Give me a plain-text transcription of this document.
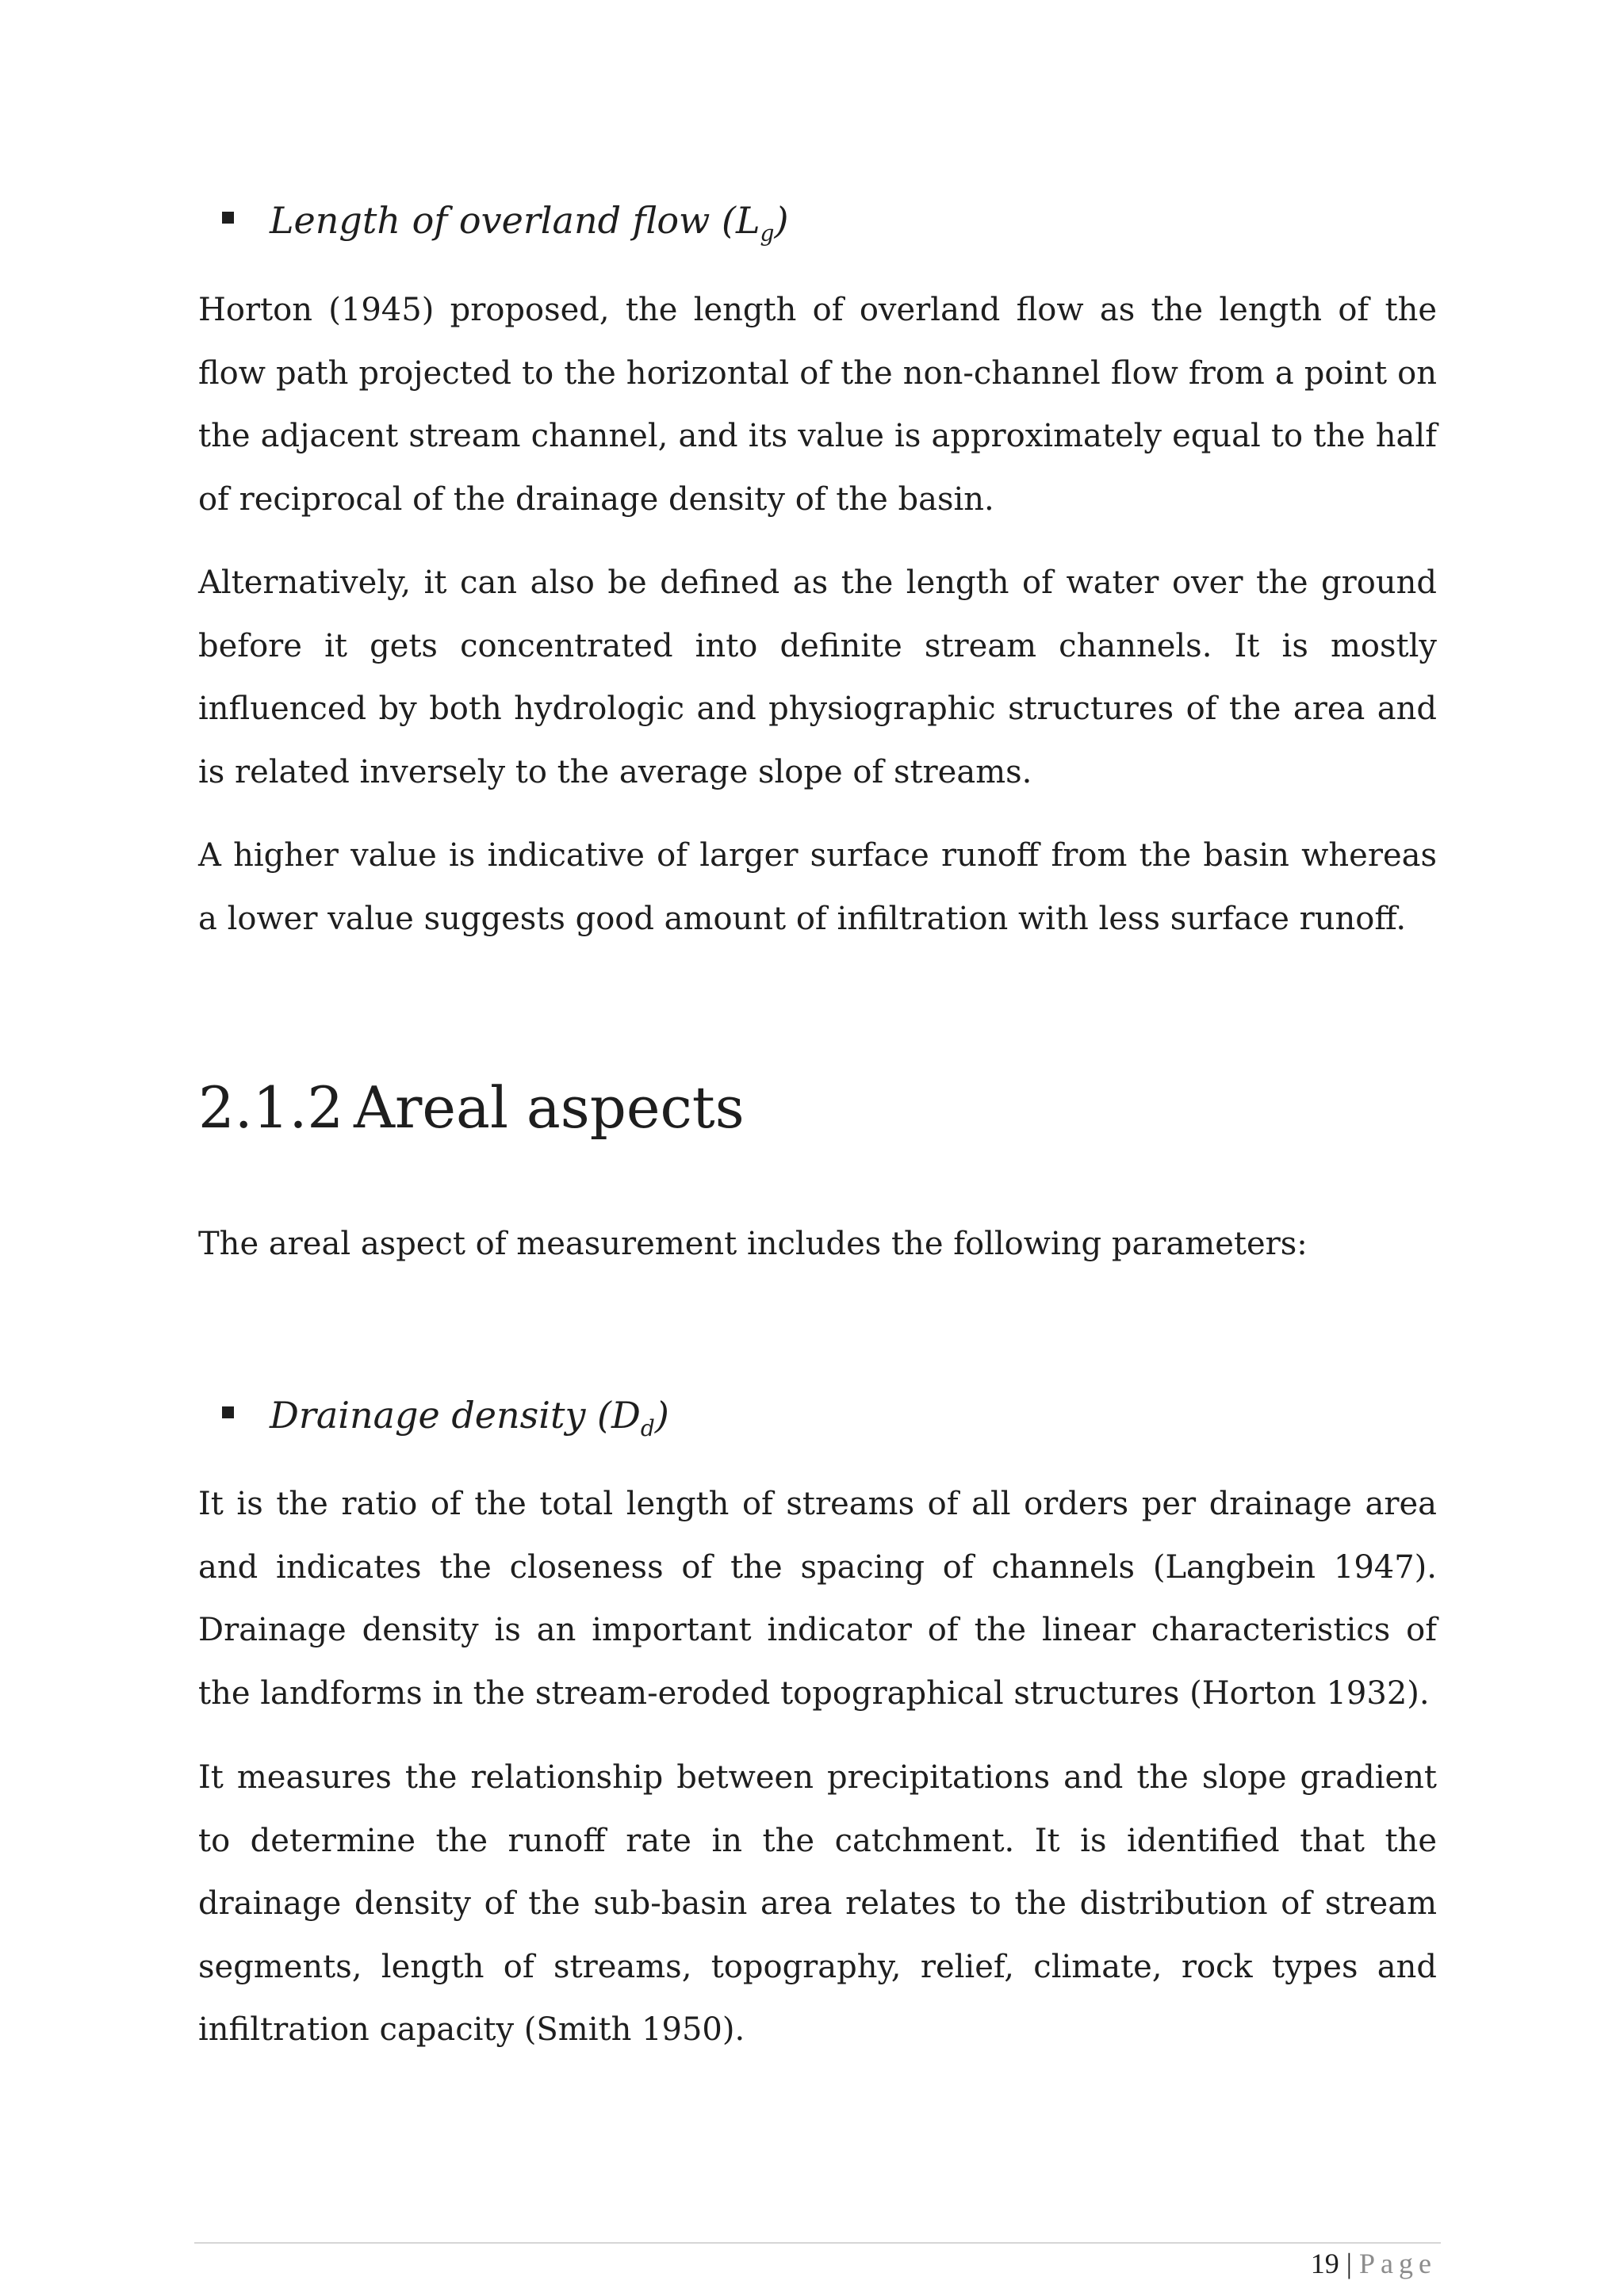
Length of overland flow $(L_g)$

Horton (1945) proposed, the length of overland flow as the length of the flow path projected to the horizontal of the non-channel flow from a point on the adjacent stream channel, and its value is approximately equal to the half of reciprocal of the drainage density of the basin.

Alternatively, it can also be defined as the length of water over the ground before it gets concentrated into definite stream channels. It is mostly influenced by both hydrologic and physiographic structures of the area and is related inversely to the average slope of streams.

A higher value is indicative of larger surface runoff from the basin whereas a lower value suggests good amount of infiltration with less surface runoff.

2.1.2 Areal aspects

The areal aspect of measurement includes the following parameters:

Drainage density $(D_d)$

It is the ratio of the total length of streams of all orders per drainage area and indicates the closeness of the spacing of channels (Langbein 1947). Drainage density is an important indicator of the linear characteristics of the landforms in the stream-eroded topographical structures (Horton 1932).

It measures the relationship between precipitations and the slope gradient to determine the runoff rate in the catchment. It is identified that the drainage density of the sub-basin area relates to the distribution of stream segments, length of streams, topography, relief, climate, rock types and infiltration capacity (Smith 1950).

19 | Page
